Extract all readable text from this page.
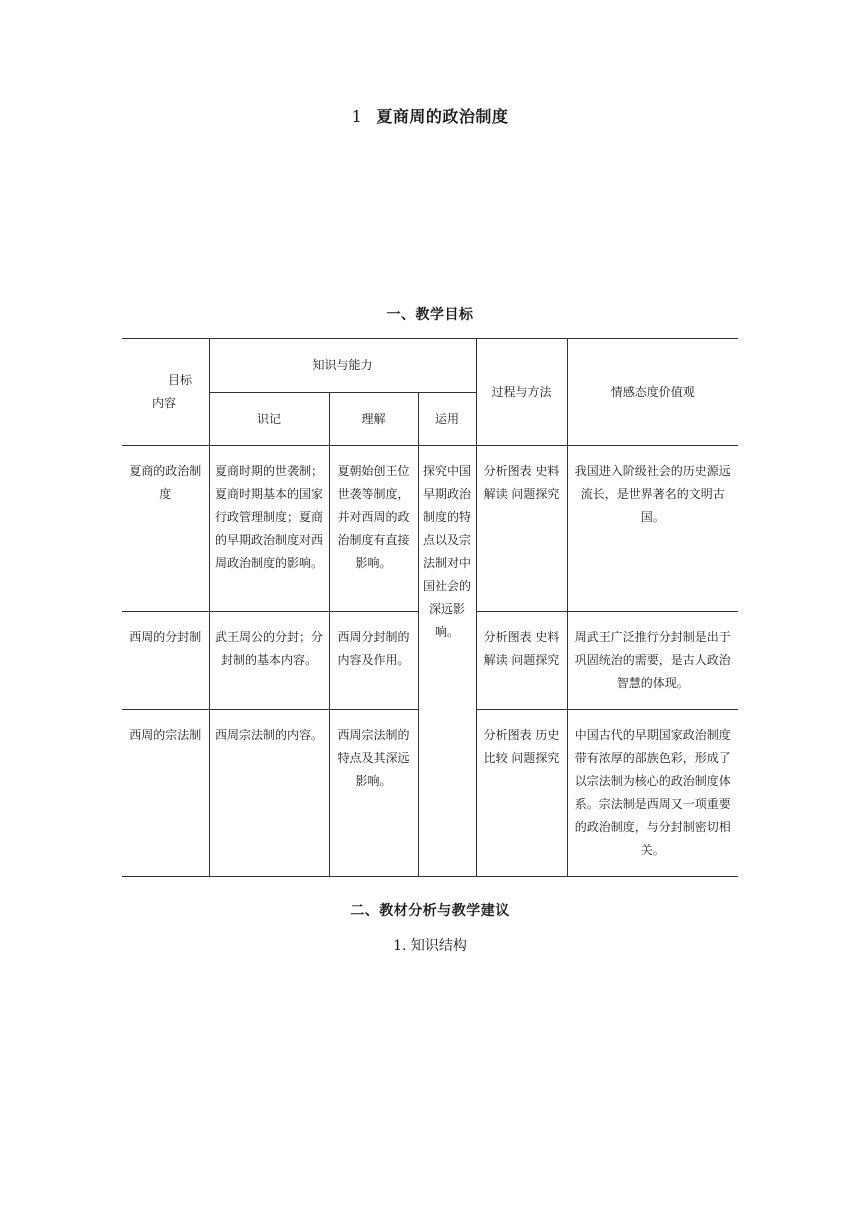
1 夏商周的政治制度
一、教学目标
目标
内容	知识与能力			过程与方法	情感态度价值观
	识记	理解	运用		
夏商的政治制度	夏商时期的世袭制；夏商时期基本的国家行政管理制度；夏商的早期政治制度对西周政治制度的影响。	夏朝始创王位世袭等制度，并对西周的政治制度有直接影响。	探究中国早期政治制度的特点以及宗法制对中国社会的深远影响。	分析图表 史料解读 问题探究	我国进入阶级社会的历史源远流长，是世界著名的文明古国。
西周的分封制	武王周公的分封；分封制的基本内容。	西周分封制的内容及作用。		分析图表 史料解读 问题探究	周武王广泛推行分封制是出于巩固统治的需要，是古人政治智慧的体现。
西周的宗法制	西周宗法制的内容。	西周宗法制的特点及其深远影响。		分析图表 历史比较 问题探究	中国古代的早期国家政治制度带有浓厚的部族色彩，形成了以宗法制为核心的政治制度体系。宗法制是西周又一项重要的政治制度，与分封制密切相关。
二、教材分析与教学建议
1. 知识结构
